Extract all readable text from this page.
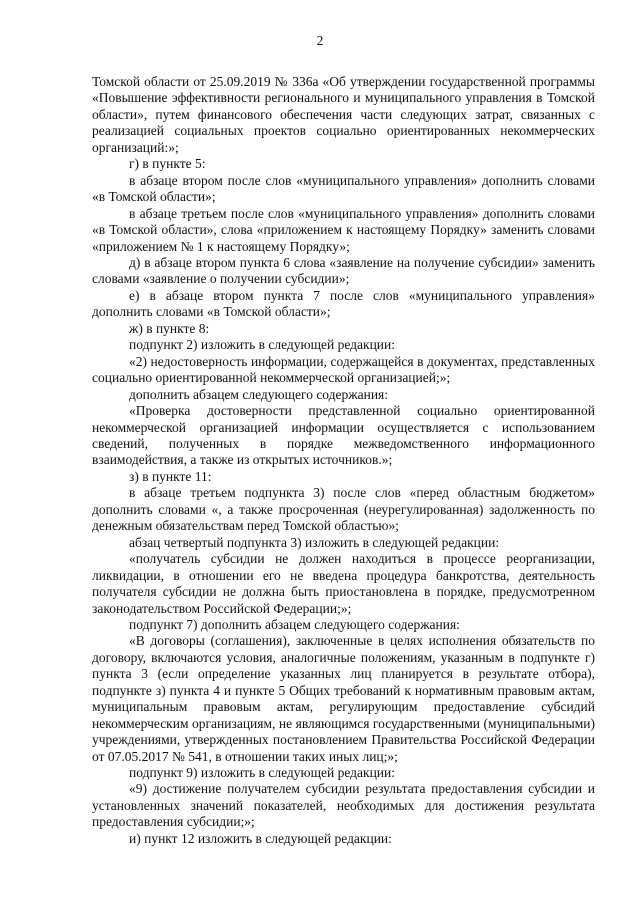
2

Томской области от 25.09.2019 № 336а «Об утверждении государственной программы «Повышение эффективности регионального и муниципального управления в Томской области», путем финансового обеспечения части следующих затрат, связанных с реализацией социальных проектов социально ориентированных некоммерческих организаций:»;

г) в пункте 5:

в абзаце втором после слов «муниципального управления» дополнить словами «в Томской области»;

в абзаце третьем после слов «муниципального управления» дополнить словами «в Томской области», слова «приложением к настоящему Порядку» заменить словами «приложением № 1 к настоящему Порядку»;

д) в абзаце втором пункта 6 слова «заявление на получение субсидии» заменить словами «заявление о получении субсидии»;

е) в абзаце втором пункта 7 после слов «муниципального управления» дополнить словами «в Томской области»;

ж) в пункте 8:

подпункт 2) изложить в следующей редакции:

«2) недостоверность информации, содержащейся в документах, представленных социально ориентированной некоммерческой организацией;»;

дополнить абзацем следующего содержания:

«Проверка достоверности представленной социально ориентированной некоммерческой организацией информации осуществляется с использованием сведений, полученных в порядке межведомственного информационного взаимодействия, а также из открытых источников.»;

з) в пункте 11:

в абзаце третьем подпункта 3) после слов «перед областным бюджетом» дополнить словами «, а также просроченная (неурегулированная) задолженность по денежным обязательствам перед Томской областью»;

абзац четвертый подпункта 3) изложить в следующей редакции:

«получатель субсидии не должен находиться в процессе реорганизации, ликвидации, в отношении его не введена процедура банкротства, деятельность получателя субсидии не должна быть приостановлена в порядке, предусмотренном законодательством Российской Федерации;»;

подпункт 7) дополнить абзацем следующего содержания:

«В договоры (соглашения), заключенные в целях исполнения обязательств по договору, включаются условия, аналогичные положениям, указанным в подпункте г) пункта 3 (если определение указанных лиц планируется в результате отбора), подпункте з) пункта 4 и пункте 5 Общих требований к нормативным правовым актам, муниципальным правовым актам, регулирующим предоставление субсидий некоммерческим организациям, не являющимся государственными (муниципальными) учреждениями, утвержденных постановлением Правительства Российской Федерации от 07.05.2017 № 541, в отношении таких иных лиц;»;

подпункт 9) изложить в следующей редакции:

«9) достижение получателем субсидии результата предоставления субсидии и установленных значений показателей, необходимых для достижения результата предоставления субсидии;»;

и) пункт 12 изложить в следующей редакции:
